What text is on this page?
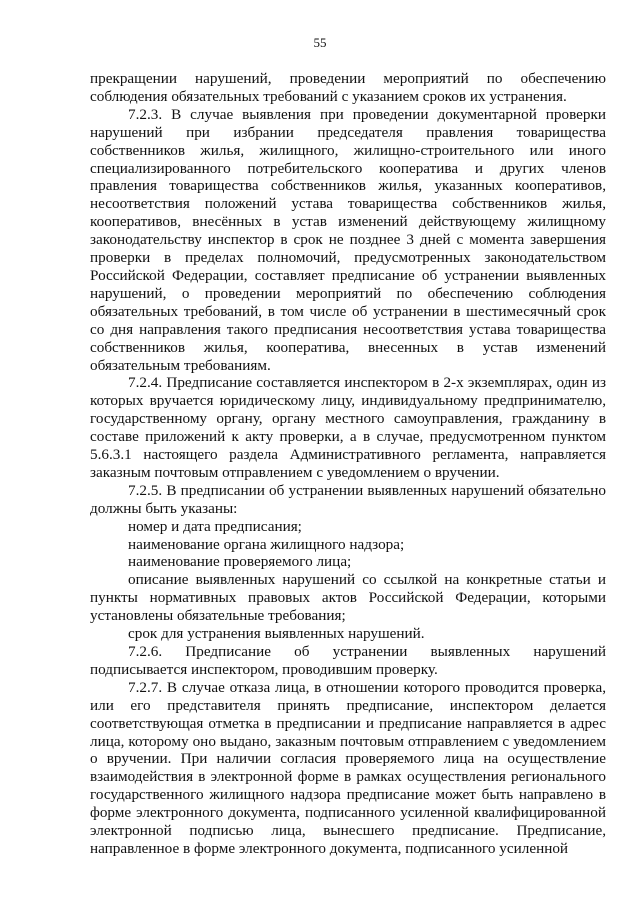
55

прекращении нарушений, проведении мероприятий по обеспечению соблюдения обязательных требований с указанием сроков их устранения.

7.2.3. В случае выявления при проведении документарной проверки нарушений при избрании председателя правления товарищества собственников жилья, жилищного, жилищно-строительного или иного специализированного потребительского кооператива и других членов правления товарищества собственников жилья, указанных кооперативов, несоответствия положений устава товарищества собственников жилья, кооперативов, внесённых в устав изменений действующему жилищному законодательству инспектор в срок не позднее 3 дней с момента завершения проверки в пределах полномочий, предусмотренных законодательством Российской Федерации, составляет предписание об устранении выявленных нарушений, о проведении мероприятий по обеспечению соблюдения обязательных требований, в том числе об устранении в шестимесячный срок со дня направления такого предписания несоответствия устава товарищества собственников жилья, кооператива, внесенных в устав изменений обязательным требованиям.

7.2.4. Предписание составляется инспектором в 2-х экземплярах, один из которых вручается юридическому лицу, индивидуальному предпринимателю, государственному органу, органу местного самоуправления, гражданину в составе приложений к акту проверки, а в случае, предусмотренном пунктом 5.6.3.1 настоящего раздела Административного регламента, направляется заказным почтовым отправлением с уведомлением о вручении.

7.2.5. В предписании об устранении выявленных нарушений обязательно должны быть указаны:

номер и дата предписания;

наименование органа жилищного надзора;

наименование проверяемого лица;

описание выявленных нарушений со ссылкой на конкретные статьи и пункты нормативных правовых актов Российской Федерации, которыми установлены обязательные требования;

срок для устранения выявленных нарушений.

7.2.6. Предписание об устранении выявленных нарушений подписывается инспектором, проводившим проверку.

7.2.7. В случае отказа лица, в отношении которого проводится проверка, или его представителя принять предписание, инспектором делается соответствующая отметка в предписании и предписание направляется в адрес лица, которому оно выдано, заказным почтовым отправлением с уведомлением о вручении. При наличии согласия проверяемого лица на осуществление взаимодействия в электронной форме в рамках осуществления регионального государственного жилищного надзора предписание может быть направлено в форме электронного документа, подписанного усиленной квалифицированной электронной подписью лица, вынесшего предписание. Предписание, направленное в форме электронного документа, подписанного усиленной
